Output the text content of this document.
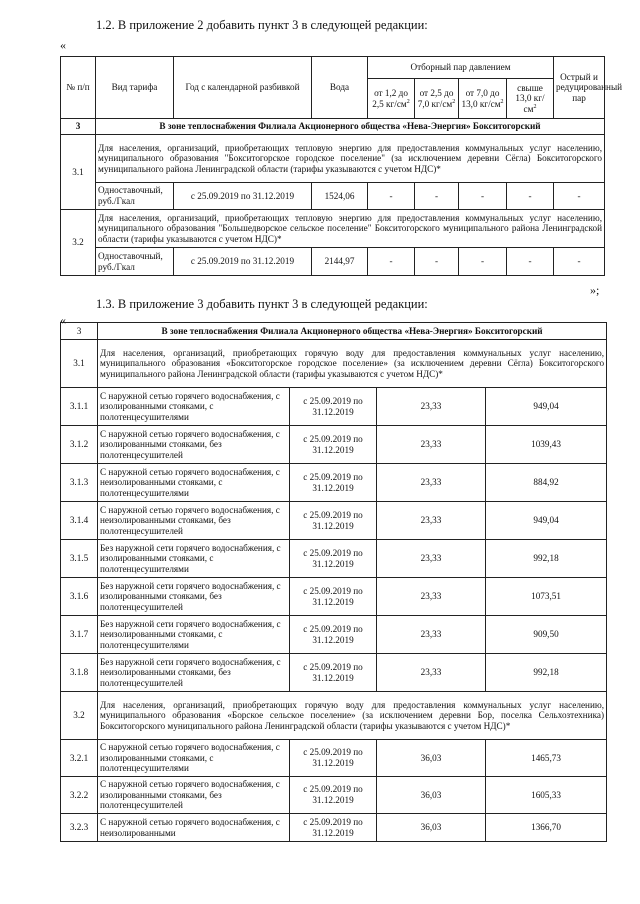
1.2. В приложение 2 добавить пункт 3 в следующей редакции:
«
№ п/п	Вид тарифа	Год с календарной разбивкой	Вода	Отборный пар давлением				Острый и редуцированный пар
				от 1,2 до 2,5 $кг/см^2$	от 2,5 до 7,0 $кг/см^2$	от 7,0 до 13,0 $кг/см^2$	свыше 13,0 $кг/см^2$
3	В зоне теплоснабжения Филиала Акционерного общества «Нева-Энергия» Бокситогорский							
3.1	Для населения, организаций, приобретающих тепловую энергию для предоставления коммунальных услуг населению, муниципального образования "Бокситогорское городское поселение" (за исключением деревни Сёгла) Бокситогорского муниципального района Ленинградской области (тарифы указываются с учетом НДС)*							
	Одноставочный, руб./Гкал	с 25.09.2019 по 31.12.2019	1524,06	-	-	-	-	-
3.2	Для населения, организаций, приобретающих тепловую энергию для предоставления коммунальных услуг населению, муниципального образования "Большедворское сельское поселение" Бокситогорского муниципального района Ленинградской области (тарифы указываются с учетом НДС)*							
	Одноставочный, руб./Гкал	с 25.09.2019 по 31.12.2019	2144,97	-	-	-	-	-
»;
1.3. В приложение 3 добавить пункт 3 в следующей редакции:
«
3	В зоне теплоснабжения Филиала Акционерного общества «Нева-Энергия» Бокситогорский			
3.1	Для населения, организаций, приобретающих горячую воду для предоставления коммунальных услуг населению, муниципального образования «Бокситогорское городское поселение» (за исключением деревни Сёгла) Бокситогорского муниципального района Ленинградской области (тарифы указываются с учетом НДС)*			
3.1.1	С наружной сетью горячего водоснабжения, с изолированными стояками, с полотенцесушителями	с 25.09.2019 по 31.12.2019	23,33	949,04
3.1.2	С наружной сетью горячего водоснабжения, с изолированными стояками, без полотенцесушителей	с 25.09.2019 по 31.12.2019	23,33	1039,43
3.1.3	С наружной сетью горячего водоснабжения, с неизолированными стояками, с полотенцесушителями	с 25.09.2019 по 31.12.2019	23,33	884,92
3.1.4	С наружной сетью горячего водоснабжения, с неизолированными стояками, без полотенцесушителей	с 25.09.2019 по 31.12.2019	23,33	949,04
3.1.5	Без наружной сети горячего водоснабжения, с изолированными стояками, с полотенцесушителями	с 25.09.2019 по 31.12.2019	23,33	992,18
3.1.6	Без наружной сети горячего водоснабжения, с изолированными стояками, без полотенцесушителей	с 25.09.2019 по 31.12.2019	23,33	1073,51
3.1.7	Без наружной сети горячего водоснабжения, с неизолированными стояками, с полотенцесушителями	с 25.09.2019 по 31.12.2019	23,33	909,50
3.1.8	Без наружной сети горячего водоснабжения, с неизолированными стояками, без полотенцесушителей	с 25.09.2019 по 31.12.2019	23,33	992,18
3.2	Для населения, организаций, приобретающих горячую воду для предоставления коммунальных услуг населению, муниципального образования «Борское сельское поселение» (за исключением деревни Бор, поселка Сельхозтехника) Бокситогорского муниципального района Ленинградской области (тарифы указываются с учетом НДС)*			
3.2.1	С наружной сетью горячего водоснабжения, с изолированными стояками, с полотенцесушителями	с 25.09.2019 по 31.12.2019	36,03	1465,73
3.2.2	С наружной сетью горячего водоснабжения, с изолированными стояками, без полотенцесушителей	с 25.09.2019 по 31.12.2019	36,03	1605,33
3.2.3	С наружной сетью горячего водоснабжения, с неизолированными	с 25.09.2019 по 31.12.2019	36,03	1366,70
